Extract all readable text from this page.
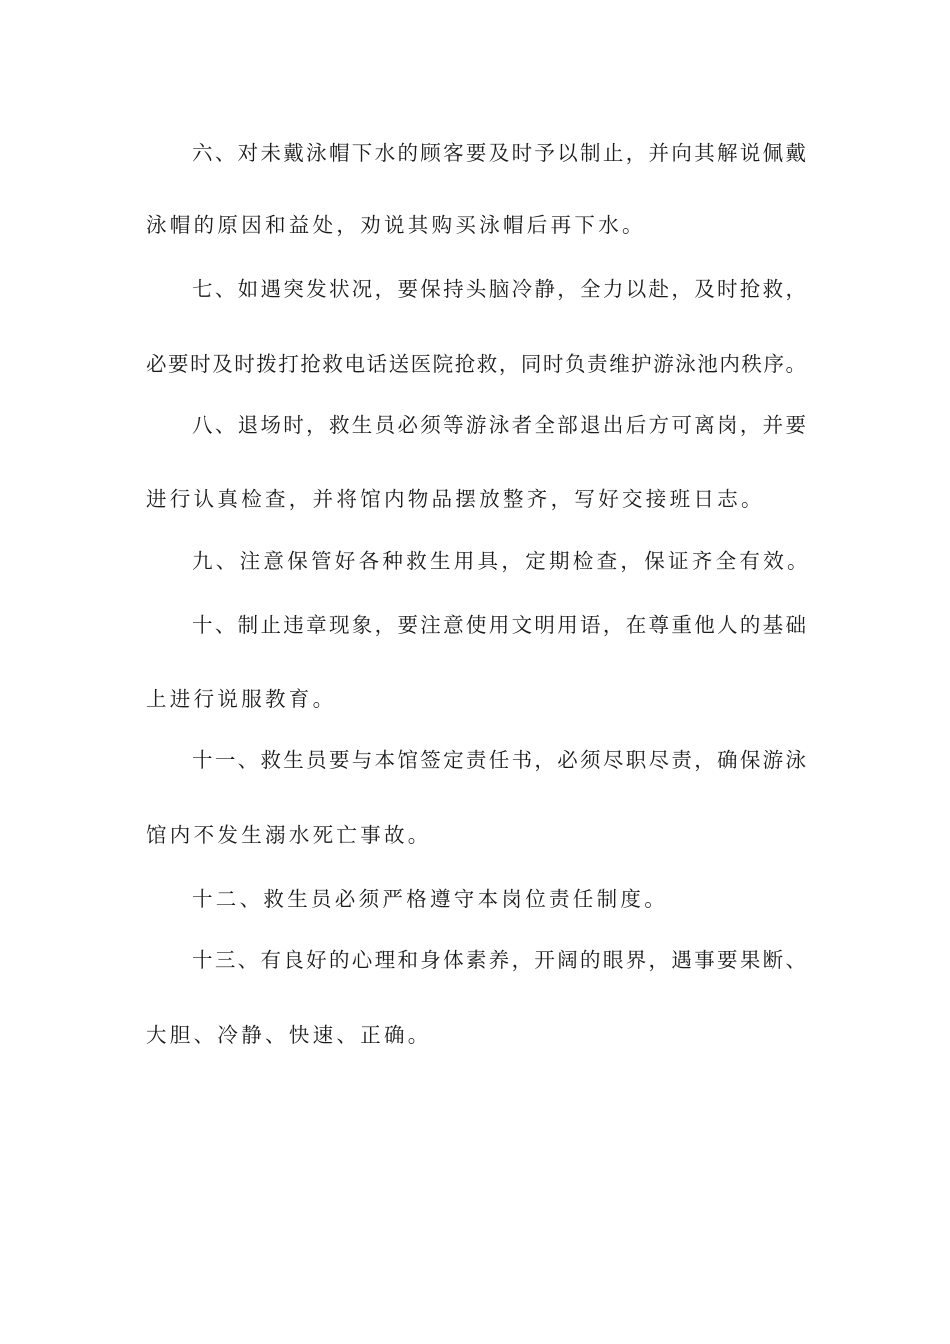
六、对未戴泳帽下水的顾客要及时予以制止，并向其解说佩戴
泳帽的原因和益处，劝说其购买泳帽后再下水。
七、如遇突发状况，要保持头脑冷静，全力以赴，及时抢救，
必要时及时拨打抢救电话送医院抢救，同时负责维护游泳池内秩序。
八、退场时，救生员必须等游泳者全部退出后方可离岗，并要
进行认真检查，并将馆内物品摆放整齐，写好交接班日志。
九、注意保管好各种救生用具，定期检查，保证齐全有效。
十、制止违章现象，要注意使用文明用语，在尊重他人的基础
上进行说服教育。
十一、救生员要与本馆签定责任书，必须尽职尽责，确保游泳
馆内不发生溺水死亡事故。
十二、救生员必须严格遵守本岗位责任制度。
十三、有良好的心理和身体素养，开阔的眼界，遇事要果断、
大胆、冷静、快速、正确。
